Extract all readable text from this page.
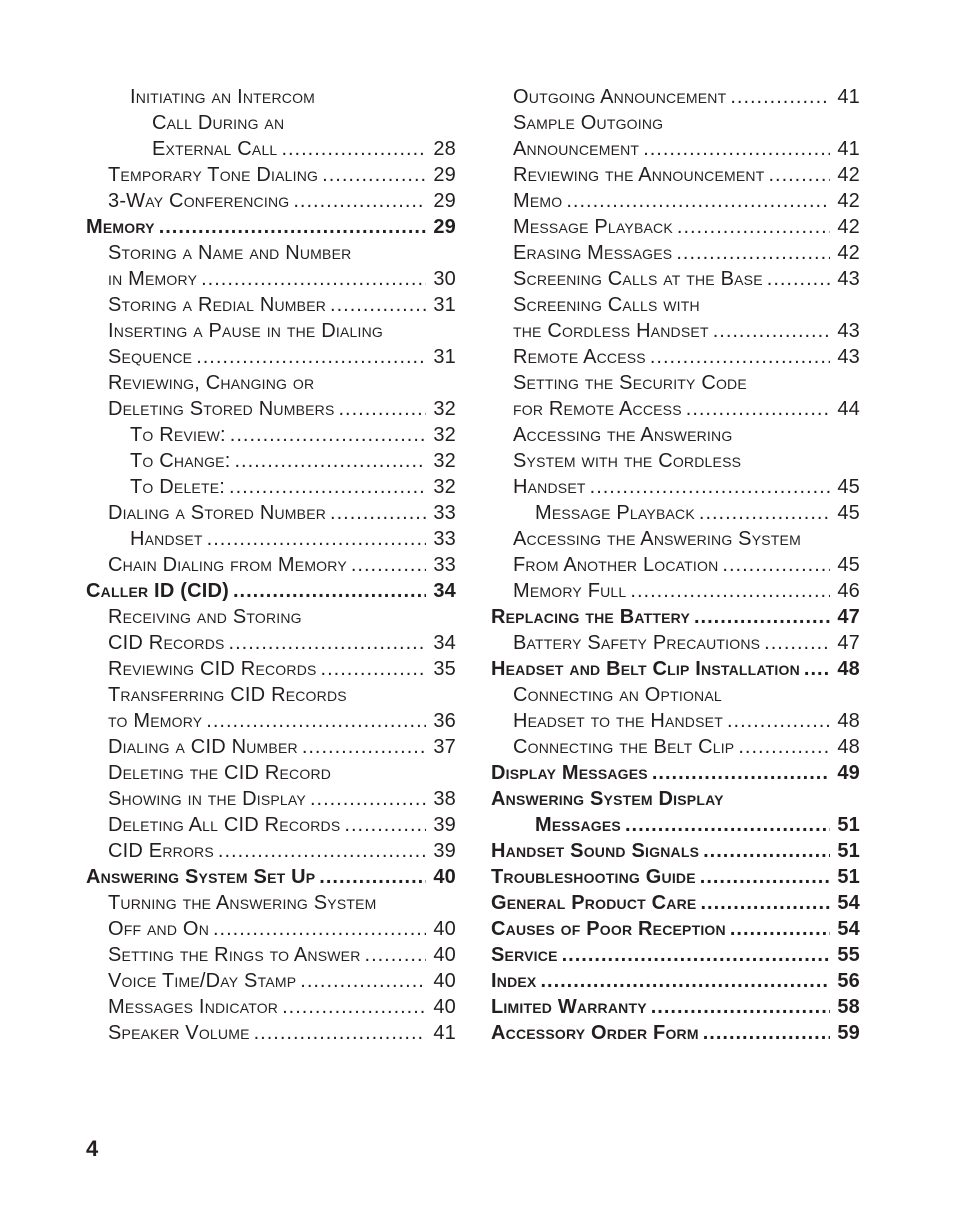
Initiating an Intercom
Call During an
External Call .....	28
Temporary Tone Dialing .....	29
3-Way Conferencing .....	29
Memory .....	29
Storing a Name and Number
in Memory .....	30
Storing a Redial Number .....	31
Inserting a Pause in the Dialing
Sequence .....	31
Reviewing, Changing or
Deleting Stored Numbers .....	32
To Review: .....	32
To Change: .....	32
To Delete: .....	32
Dialing a Stored Number .....	33
Handset .....	33
Chain Dialing from Memory .....	33
Caller ID (CID) .....	34
Receiving and Storing
CID Records .....	34
Reviewing CID Records .....	35
Transferring CID Records
to Memory .....	36
Dialing a CID Number .....	37
Deleting the CID Record
Showing in the Display .....	38
Deleting All CID Records .....	39
CID Errors .....	39
Answering System Set Up .....	40
Turning the Answering System
Off and On .....	40
Setting the Rings to Answer .....	40
Voice Time/Day Stamp .....	40
Messages Indicator .....	40
Speaker Volume .....	41
Outgoing Announcement .....	41
Sample Outgoing
Announcement .....	41
Reviewing the Announcement .....	42
Memo .....	42
Message Playback .....	42
Erasing Messages .....	42
Screening Calls at the Base .....	43
Screening Calls with
the Cordless Handset .....	43
Remote Access .....	43
Setting the Security Code
for Remote Access .....	44
Accessing the Answering
System with the Cordless
Handset .....	45
Message Playback .....	45
Accessing the Answering System
From Another Location .....	45
Memory Full .....	46
Replacing the Battery .....	47
Battery Safety Precautions .....	47
Headset and Belt Clip Installation ..... 48
Connecting an Optional
Headset to the Handset .....	48
Connecting the Belt Clip .....	48
Display Messages .....	49
Answering System Display
Messages .....	51
Handset Sound Signals .....	51
Troubleshooting Guide .....	51
General Product Care .....	54
Causes of Poor Reception .....	54
Service .....	55
Index .....	56
Limited Warranty .....	58
Accessory Order Form .....	59
4
